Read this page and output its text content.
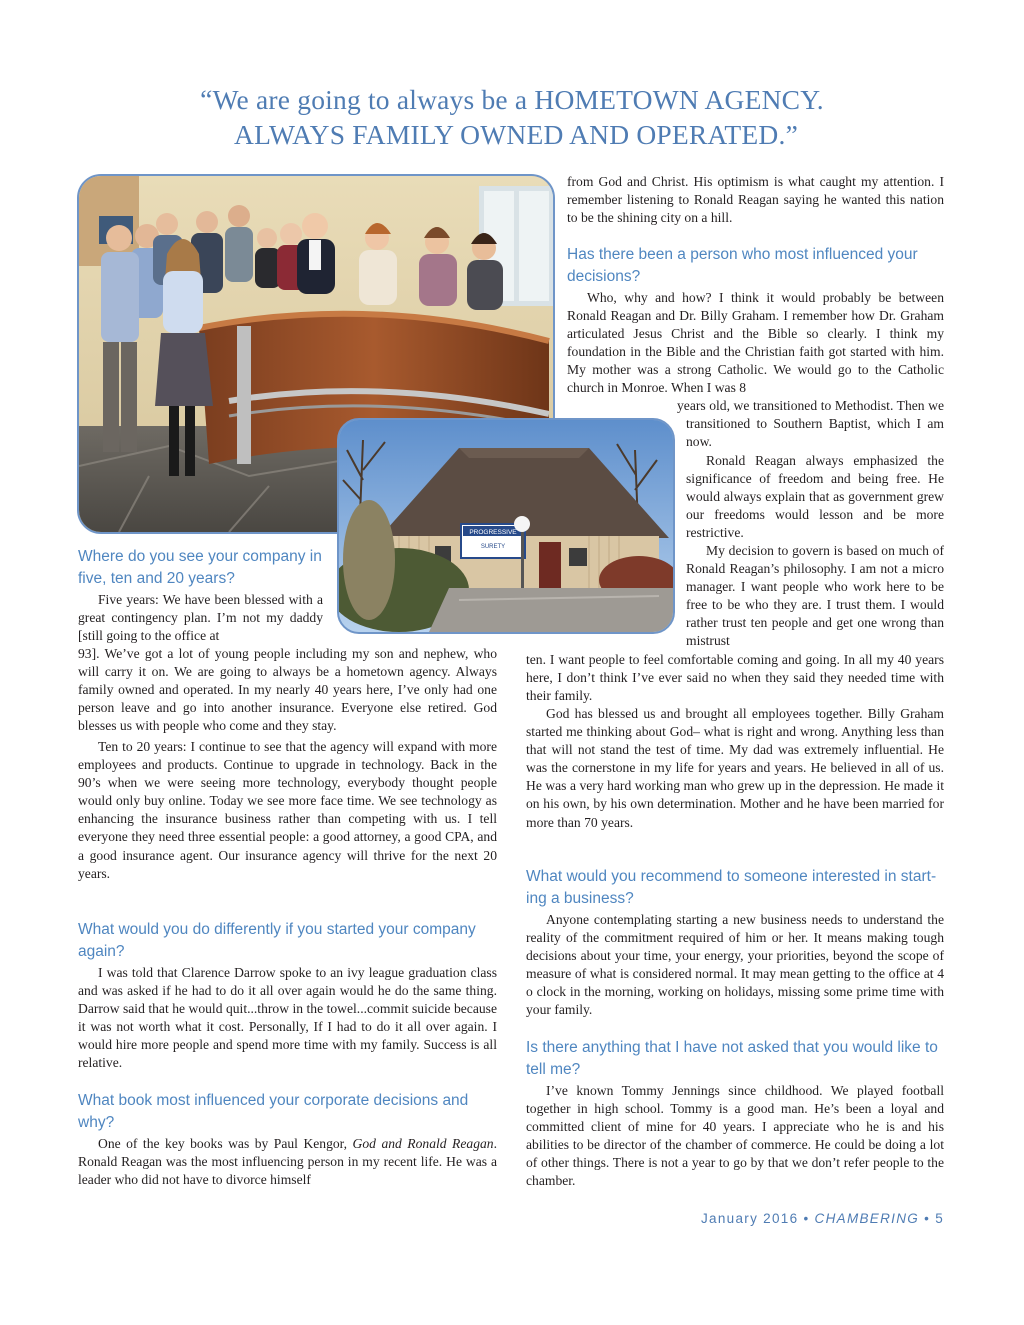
“We are going to always be a HOMETOWN AGENCY.
ALWAYS FAMILY OWNED AND OPERATED.”
PROGRESSIVE
SURETY
Where do you see your company in five, ten and 20 years?

Five years: We have been blessed with a great contingency plan. I’m not my daddy [still going to the office at

93]. We’ve got a lot of young people including my son and nephew, who will carry it on. We are going to always be a hometown agency. Always family owned and operated. In my nearly 40 years here, I’ve only had one person leave and go into another insurance. Everyone else retired. God blesses us with people who come and they stay.

Ten to 20 years: I continue to see that the agency will expand with more employees and products. Continue to upgrade in technology. Back in the 90’s when we were seeing more technology, everybody thought people would only buy online. Today we see more face time. We see technology as enhancing the insurance business rather than competing with us. I tell everyone they need three essential people: a good attorney, a good CPA, and a good insurance agent. Our insurance agency will thrive for the next 20 years.

What would you do differently if you started your company again?

I was told that Clarence Darrow spoke to an ivy league graduation class and was asked if he had to do it all over again would he do the same thing. Darrow said that he would quit...throw in the towel...commit suicide because it was not worth what it cost. Personally, If I had to do it all over again. I would hire more people and spend more time with my family. Success is all relative.

What book most influenced your corporate decisions and why?

One of the key books was by Paul Kengor, God and Ronald Reagan. Ronald Reagan was the most influencing person in my recent life. He was a leader who did not have to divorce himself

from God and Christ. His optimism is what caught my attention. I remember listening to Ronald Reagan saying he wanted this nation to be the shining city on a hill.

Has there been a person who most influenced your decisions?

Who, why and how? I think it would probably be between Ronald Reagan and Dr. Billy Graham. I remember how Dr. Graham articulated Jesus Christ and the Bible so clearly. I think my foundation in the Bible and the Christian faith got started with him. My mother was a strong Catholic. We would go to the Catholic church in Monroe. When I was 8

years old, we transitioned to Methodist. Then we transitioned to Southern Baptist, which I am now.

Ronald Reagan always emphasized the significance of freedom and being free. He would always explain that as government grew our freedoms would lesson and be more restrictive.

My decision to govern is based on much of Ronald Reagan’s philosophy. I am not a micro manager. I want people who work here to be free to be who they are. I trust them. I would rather trust ten people and get one wrong than mistrust

ten. I want people to feel comfortable coming and going. In all my 40 years here, I don’t think I’ve ever said no when they said they needed time with their family.

God has blessed us and brought all employees together. Billy Graham started me thinking about God– what is right and wrong. Anything less than that will not stand the test of time. My dad was extremely influential. He was the cornerstone in my life for years and years. He believed in all of us. He was a very hard working man who grew up in the depression. He made it on his own, by his own determination. Mother and he have been married for more than 70 years.

What would you recommend to someone interested in starting a business?

Anyone contemplating starting a new business needs to understand the reality of the commitment required of him or her. It means making tough decisions about your time, your energy, your priorities, beyond the scope of measure of what is considered normal. It may mean getting to the office at 4 o clock in the morning, working on holidays, missing some prime time with your family.

Is there anything that I have not asked that you would like to tell me?

I’ve known Tommy Jennings since childhood. We played football together in high school. Tommy is a good man. He’s been a loyal and committed client of mine for 40 years. I appreciate who he is and his abilities to be director of the chamber of commerce. He could be doing a lot of other things. There is not a year to go by that we don’t refer people to the chamber.

January 2016 • CHAMBERING • 5
